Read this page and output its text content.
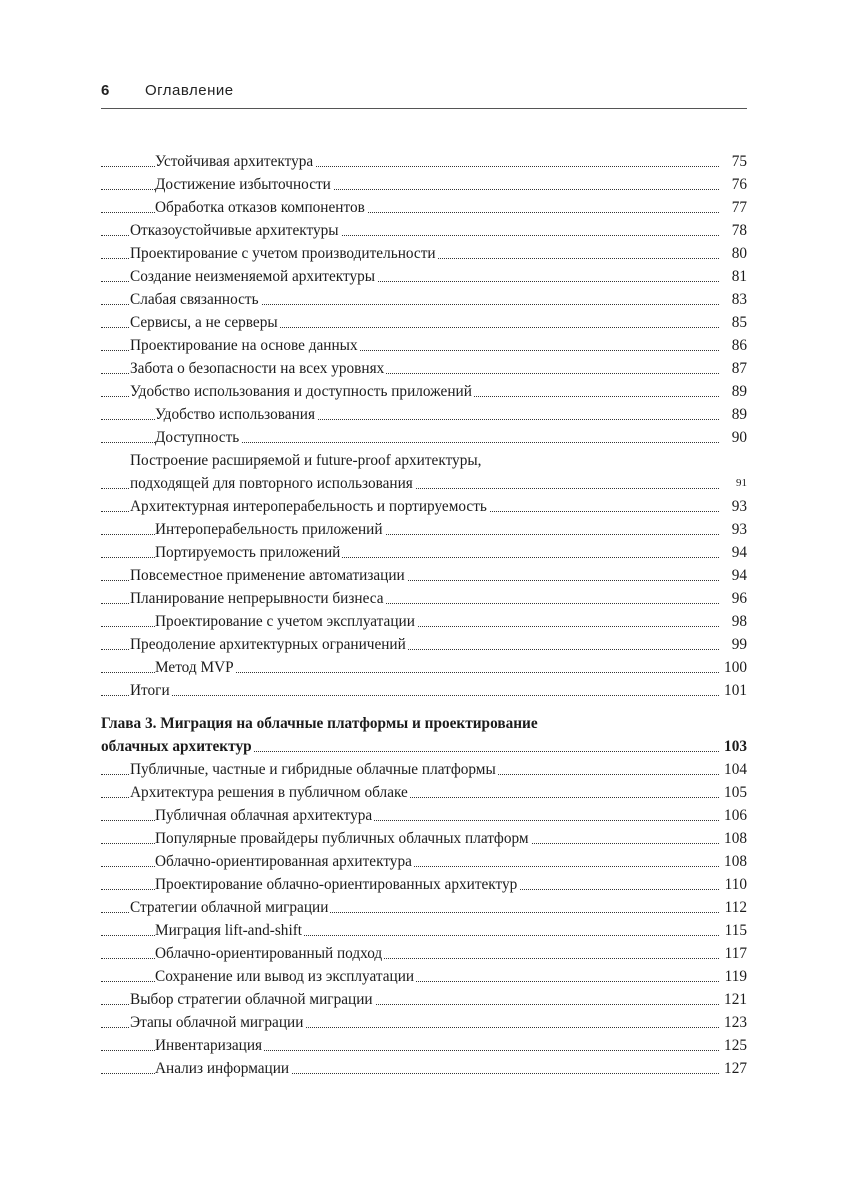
6 Оглавление
Устойчивая архитектура	75
Достижение избыточности	76
Обработка отказов компонентов	77
Отказоустойчивые архитектуры	78
Проектирование с учетом производительности	80
Создание неизменяемой архитектуры	81
Слабая связанность	83
Сервисы, а не серверы	85
Проектирование на основе данных	86
Забота о безопасности на всех уровнях	87
Удобство использования и доступность приложений	89
Удобство использования	89
Доступность	90
Построение расширяемой и future-proof архитектуры,
подходящей для повторного использования	91
Архитектурная интероперабельность и портируемость	93
Интероперабельность приложений	93
Портируемость приложений	94
Повсеместное применение автоматизации	94
Планирование непрерывности бизнеса	96
Проектирование с учетом эксплуатации	98
Преодоление архитектурных ограничений	99
Метод MVP	100
Итоги	101
Глава 3. Миграция на облачные платформы и проектирование
облачных архитектур	103
Публичные, частные и гибридные облачные платформы	104
Архитектура решения в публичном облаке	105
Публичная облачная архитектура	106
Популярные провайдеры публичных облачных платформ	108
Облачно-ориентированная архитектура	108
Проектирование облачно-ориентированных архитектур	110
Стратегии облачной миграции	112
Миграция lift-and-shift	115
Облачно-ориентированный подход	117
Сохранение или вывод из эксплуатации	119
Выбор стратегии облачной миграции	121
Этапы облачной миграции	123
Инвентаризация	125
Анализ информации	127
